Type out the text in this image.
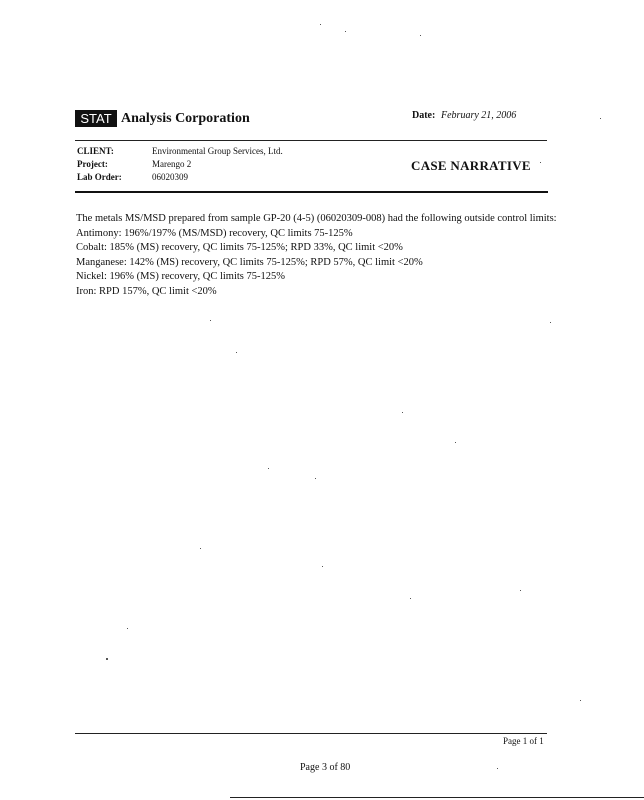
STAT Analysis Corporation	Date: February 21, 2006
CLIENT:	Environmental Group Services, Ltd.
Project:	Marengo 2
Lab Order:	06020309
CASE NARRATIVE

The metals MS/MSD prepared from sample GP-20 (4-5) (06020309-008) had the following outside control limits:

Antimony: 196%/197% (MS/MSD) recovery, QC limits 75-125%

Cobalt: 185% (MS) recovery, QC limits 75-125%; RPD 33%, QC limit <20%

Manganese: 142% (MS) recovery, QC limits 75-125%; RPD 57%, QC limit <20%

Nickel: 196% (MS) recovery, QC limits 75-125%

Iron: RPD 157%, QC limit <20%

Page 1 of 1
Page 3 of 80
